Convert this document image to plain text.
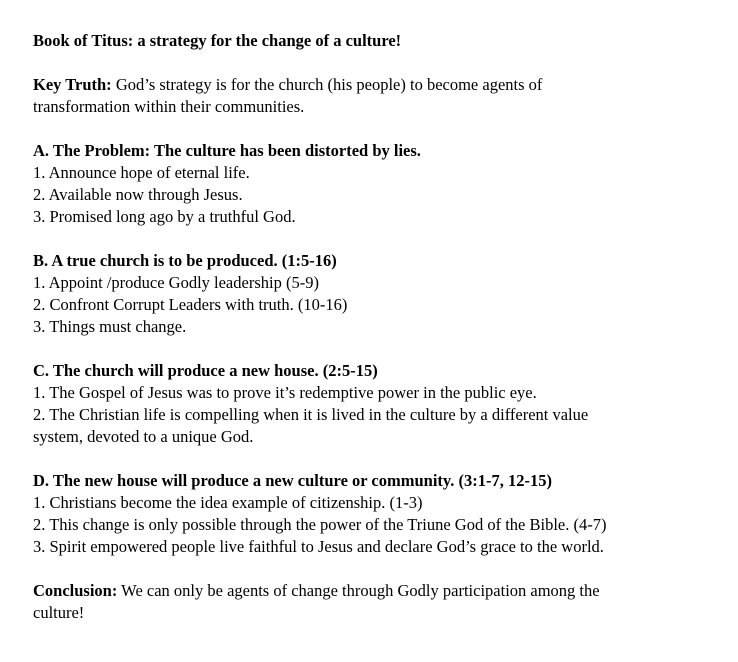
Book of Titus: a strategy for the change of a culture!

Key Truth: God’s strategy is for the church (his people) to become agents of
transformation within their communities.

A. The Problem: The culture has been distorted by lies.
1. Announce hope of eternal life.
2. Available now through Jesus.
3. Promised long ago by a truthful God.
B. A true church is to be produced. (1:5-16)
1. Appoint /produce Godly leadership (5-9)
2. Confront Corrupt Leaders with truth. (10-16)
3. Things must change.
C. The church will produce a new house. (2:5-15)
1. The Gospel of Jesus was to prove it’s redemptive power in the public eye.
2. The Christian life is compelling when it is lived in the culture by a different value
system, devoted to a unique God.
D. The new house will produce a new culture or community. (3:1-7, 12-15)
1. Christians become the idea example of citizenship. (1-3)
2. This change is only possible through the power of the Triune God of the Bible. (4-7)
3. Spirit empowered people live faithful to Jesus and declare God’s grace to the world.
Conclusion: We can only be agents of change through Godly participation among the
culture!
